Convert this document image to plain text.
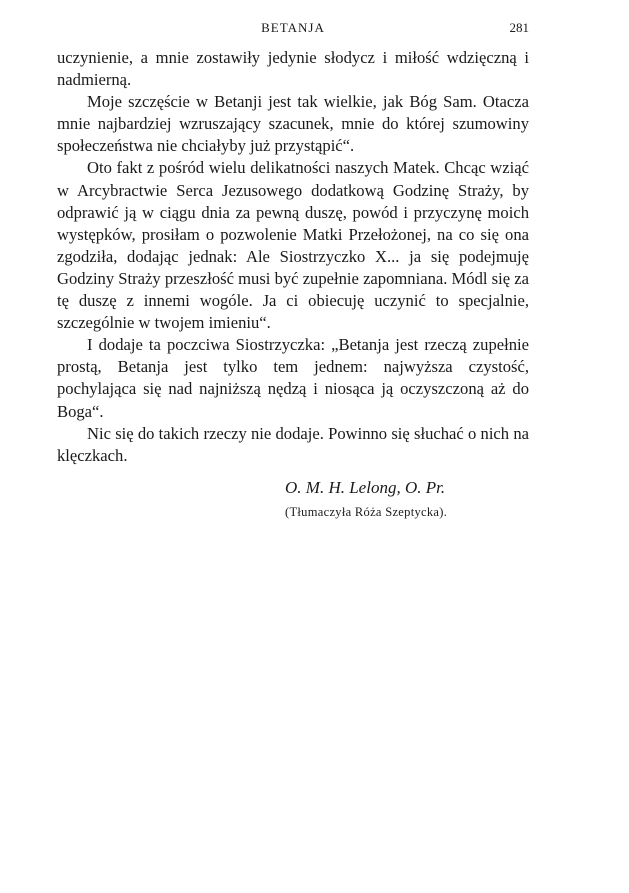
BETANJA	281

uczynienie, a mnie zostawiły jedynie słodycz i miłość wdzięczną i nadmierną.

Moje szczęście w Betanji jest tak wielkie, jak Bóg Sam. Otacza mnie najbardziej wzruszający szacunek, mnie do której szumowiny społeczeństwa nie chciałyby już przystąpić“.

Oto fakt z pośród wielu delikatności naszych Matek. Chcąc wziąć w Arcybractwie Serca Jezusowego dodatkową Godzinę Straży, by odprawić ją w ciągu dnia za pewną duszę, powód i przyczynę moich występków, prosiłam o pozwolenie Matki Przełożonej, na co się ona zgodziła, dodając jednak: Ale Siostrzyczko X... ja się podejmuję Godziny Straży przeszłość musi być zupełnie zapomniana. Módl się za tę duszę z innemi wogóle. Ja ci obiecuję uczynić to specjalnie, szczególnie w twojem imieniu“.

I dodaje ta poczciwa Siostrzyczka: „Betanja jest rzeczą zupełnie prostą, Betanja jest tylko tem jednem: najwyższa czystość, pochylająca się nad najniższą nędzą i niosąca ją oczyszczoną aż do Boga“.

Nic się do takich rzeczy nie dodaje. Powinno się słuchać o nich na klęczkach.

O. M. H. Lelong, O. Pr.

(Tłumaczyła Róża Szeptycka).
